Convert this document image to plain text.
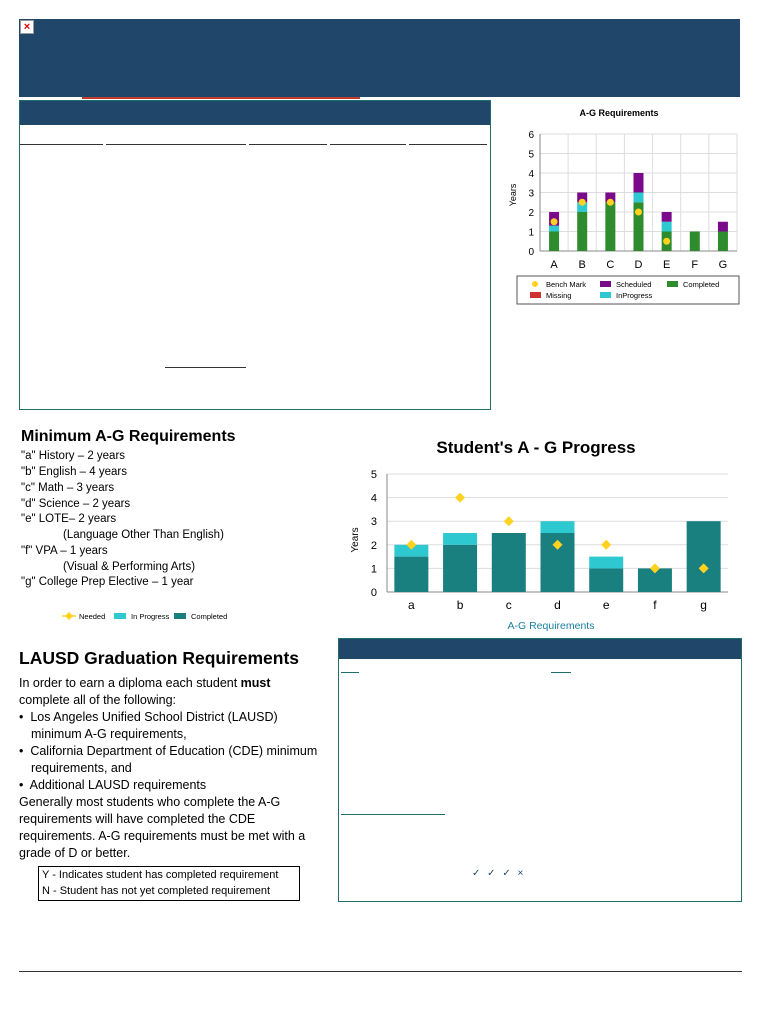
×
A-G Requirements
Years
0
1
2
3
4
5
6
A B C D E F G
Bench Mark	Scheduled	Completed
Missing	InProgress
Minimum A-G Requirements
"a" History – 2 years
"b" English – 4 years
"c" Math – 3 years
"d" Science – 2 years
"e" LOTE– 2 years
(Language Other Than English)
"f" VPA – 1 years
(Visual & Performing Arts)
"g" College Prep Elective – 1 year
Needed	In Progress	Completed
Student's A - G Progress
Years
A-G Requirements
0
1
2
3
4
5
a	b	c	d	e	f	g
LAUSD Graduation Requirements

In order to earn a diploma each student must complete all of the following:

•  Los Angeles Unified School District (LAUSD) minimum A-G requirements,

•  California Department of Education (CDE) minimum requirements, and

•  Additional LAUSD requirements

Generally most students who complete the A-G requirements will have completed the CDE requirements. A-G requirements must be met with a grade of D or better.

Y - Indicates student has completed requirement
N - Student has not yet completed requirement
✓ ✓ ✓ ×
